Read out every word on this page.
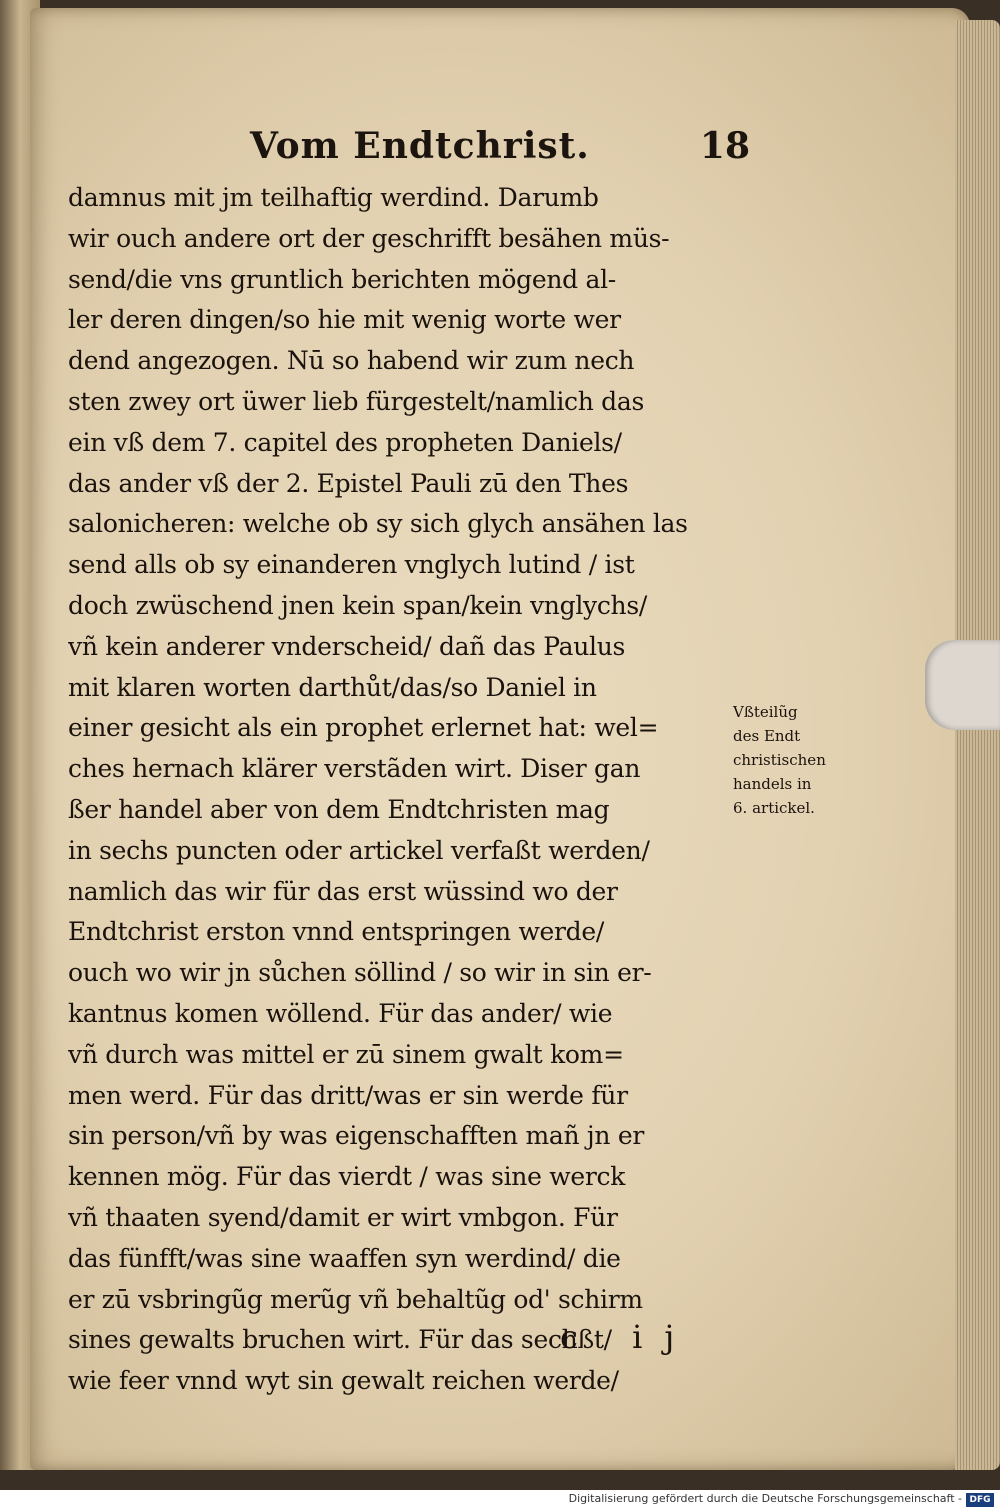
Vom Endtchrist.	18
damnus mit jm teilhaftig werdind. Darumb
wir ouch andere ort der geschrifft besähen müs-
send/die vns gruntlich berichten mögend al-
ler deren dingen/so hie mit wenig worte wer
dend angezogen. Nū so habend wir zum nech
sten zwey ort üwer lieb fürgestelt/namlich das
ein vß dem 7. capitel des propheten Daniels/
das ander vß der 2. Epistel Pauli zū den Thes
salonicheren: welche ob sy sich glych ansähen las
send alls ob sy einanderen vnglych lutind / ist
doch zwüschend jnen kein span/kein vnglychs/
vñ kein anderer vnderscheid/ dañ das Paulus
mit klaren worten darthůt/das/so Daniel in
einer gesicht als ein prophet erlernet hat: wel=
ches hernach klärer verstãden wirt. Diser gan
ßer handel aber von dem Endtchristen mag
in sechs puncten oder artickel verfaßt werden/
namlich das wir für das erst wüssind wo der
Endtchrist erston vnnd entspringen werde/
ouch wo wir jn sůchen söllind / so wir in sin er-
kantnus komen wöllend. Für das ander/ wie
vñ durch was mittel er zū sinem gwalt kom=
men werd. Für das dritt/was er sin werde für
sin person/vñ by was eigenschafften mañ jn er
kennen mög. Für das vierdt / was sine werck
vñ thaaten syend/damit er wirt vmbgon. Für
das fünfft/was sine waaffen syn werdind/ die
er zū vsbringũg merũg vñ behaltũg od' schirm
sines gewalts bruchen wirt. Für das sechßt/
wie feer vnnd wyt sin gewalt reichen werde/
Vßteilũg
des Endt
christischen
handels in
6. artickel.
c ij
Digitalisierung gefördert durch die Deutsche Forschungsgemeinschaft - DFG
